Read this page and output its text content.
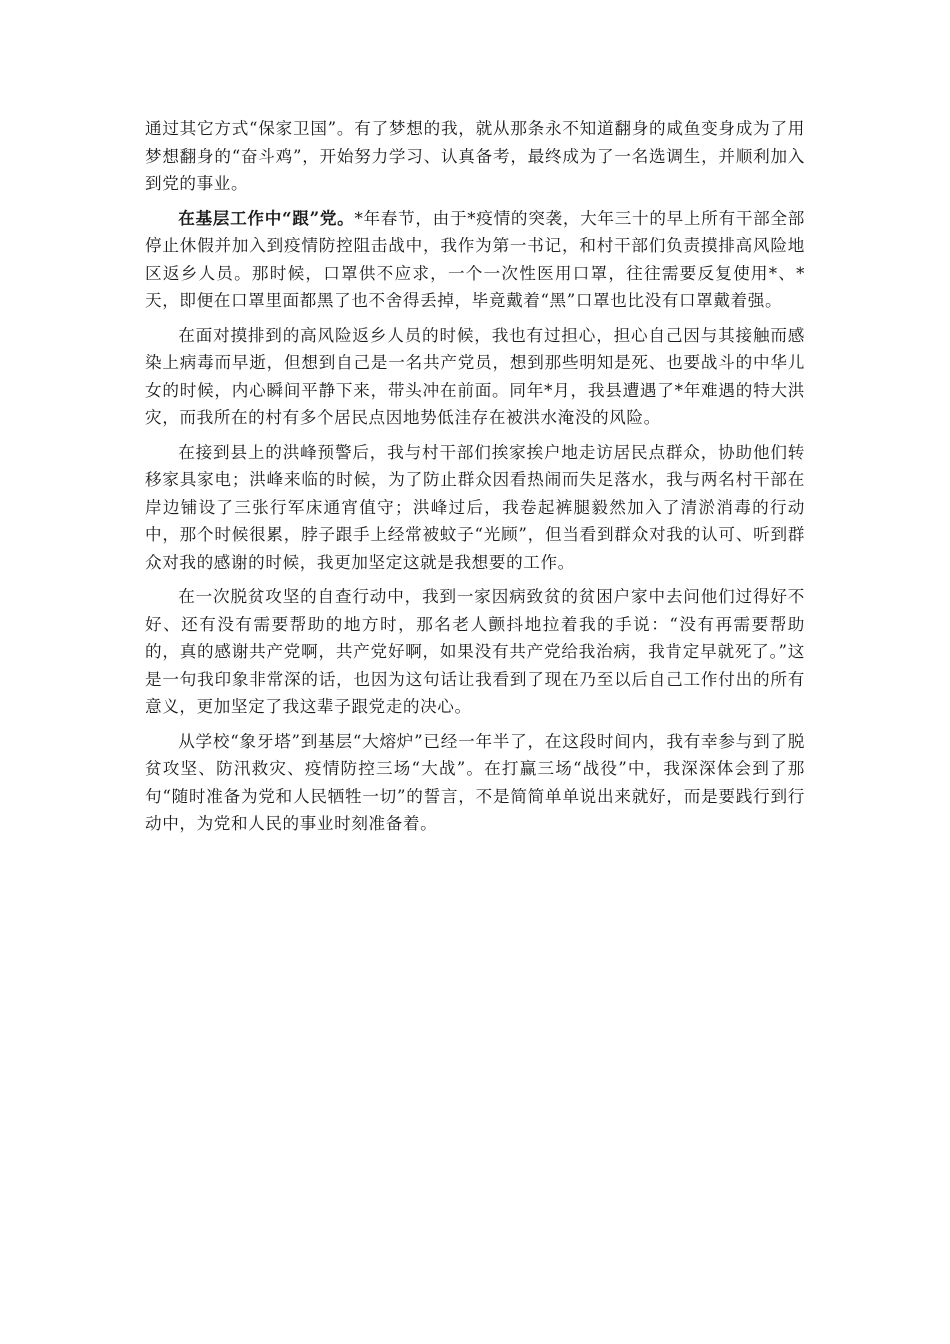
通过其它方式“保家卫国”。有了梦想的我，就从那条永不知道翻身的咸鱼变身成为了用梦想翻身的“奋斗鸡”，开始努力学习、认真备考，最终成为了一名选调生，并顺利加入到党的事业。

在基层工作中“跟”党。*年春节，由于*疫情的突袭，大年三十的早上所有干部全部停止休假并加入到疫情防控阻击战中，我作为第一书记，和村干部们负责摸排高风险地区返乡人员。那时候，口罩供不应求，一个一次性医用口罩，往往需要反复使用*、*天，即便在口罩里面都黑了也不舍得丢掉，毕竟戴着“黑”口罩也比没有口罩戴着强。

在面对摸排到的高风险返乡人员的时候，我也有过担心，担心自己因与其接触而感染上病毒而早逝，但想到自己是一名共产党员，想到那些明知是死、也要战斗的中华儿女的时候，内心瞬间平静下来，带头冲在前面。同年*月，我县遭遇了*年难遇的特大洪灾，而我所在的村有多个居民点因地势低洼存在被洪水淹没的风险。

在接到县上的洪峰预警后，我与村干部们挨家挨户地走访居民点群众，协助他们转移家具家电；洪峰来临的时候，为了防止群众因看热闹而失足落水，我与两名村干部在岸边铺设了三张行军床通宵值守；洪峰过后，我卷起裤腿毅然加入了清淤消毒的行动中，那个时候很累，脖子跟手上经常被蚊子“光顾”，但当看到群众对我的认可、听到群众对我的感谢的时候，我更加坚定这就是我想要的工作。

在一次脱贫攻坚的自查行动中，我到一家因病致贫的贫困户家中去问他们过得好不好、还有没有需要帮助的地方时，那名老人颤抖地拉着我的手说：“没有再需要帮助的，真的感谢共产党啊，共产党好啊，如果没有共产党给我治病，我肯定早就死了。”这是一句我印象非常深的话，也因为这句话让我看到了现在乃至以后自己工作付出的所有意义，更加坚定了我这辈子跟党走的决心。

从学校“象牙塔”到基层“大熔炉”已经一年半了，在这段时间内，我有幸参与到了脱贫攻坚、防汛救灾、疫情防控三场“大战”。在打赢三场“战役”中，我深深体会到了那句“随时准备为党和人民牺牲一切”的誓言，不是简简单单说出来就好，而是要践行到行动中，为党和人民的事业时刻准备着。
